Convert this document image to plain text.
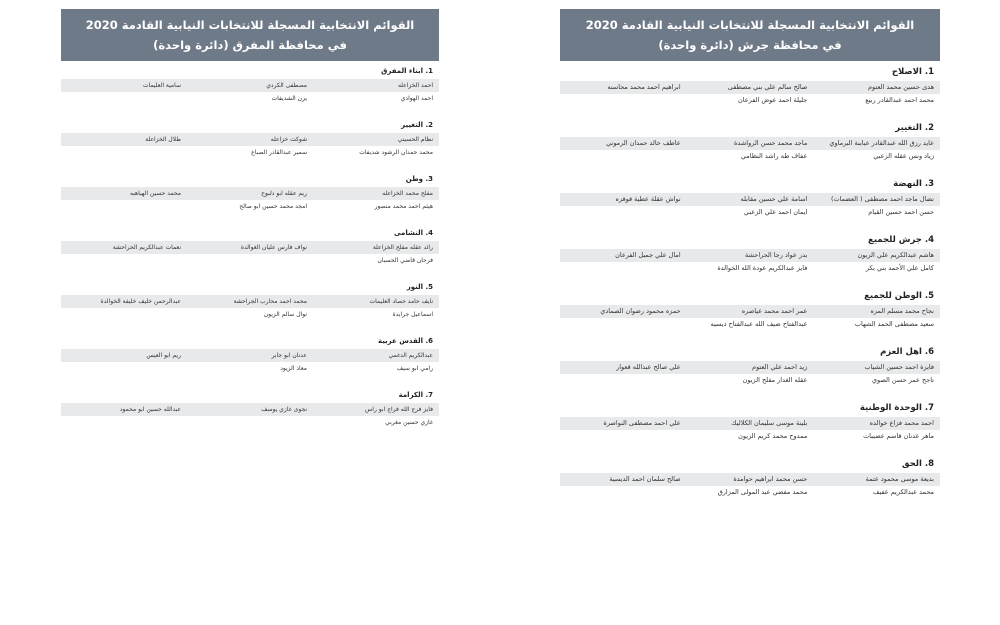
القوائم الانتخابية المسجلة للانتخابات النيابية القادمة 2020
في محافظة جرش (دائرة واحدة)
1. الاصلاح
هدى حسين محمد العتوم
صالح سالم علي بني مصطفى
ابراهيم احمد محمد محاسنه
محمد احمد عبدالقادر ربيع
جليلة احمد عوض الفرعان
2. التغيير
عايد رزق الله عبدالقادر عبابنة البرماوي
ماجد محمد حسن الرواشدة
عاطف خالد حمدان الرموني
زياد ونس عقله الزعبي
عفاف طه راشد النظامي
3. النهضة
نضال ماجد احمد مصطفى ( العضمات)
اسامة علي حسين مقابله
نواش عقلة عطية قوقزه
حسن احمد حسين القيام
ايمان احمد علي الزعبي
4. جرش للجميع
هاشم عبدالكريم علي الزيون
بدر عواد رجا الحراحشة
امال علي جميل الفرعان
كامل علي الأحمد بني بكر
فايز عبدالكريم عودة الله الخوالدة
5. الوطن للجميع
نجاح محمد مسلم المزه
عمر احمد محمد عياصره
حمزه محمود رضوان الصمادي
سعيد مصطفى الحمد الشهاب
عبدالفتاح ضيف الله عبدالفتاح ديسيه
6. اهل العزم
فايزة احمد حسين الشياب
زيد احمد علي العتوم
علي صالح عبدالله قعوار
تاجح عمر حسن الصوي
عقله الغدار مفلح الزيون
7. الوحدة الوطنية
احمد محمد فزاع خوالده
بلينة موسى سليمان الكلاليك
علي احمد مصطفى النواصرة
ماهر عدنان قاسم عضيبات
ممدوح محمد كريم الزيون
8. الحق
بديعة موسى محمود عتمة
حسن محمد ابراهيم حوامدة
صالح سلمان احمد الديسية
محمد عبدالكريم عفيف
محمد مفضي عبد المولى المزارق
القوائم الانتخابية المسجلة للانتخابات النيابية القادمة 2020
في محافظة المفرق (دائرة واحدة)
1. ابناء المفرق
احمد الخزاعله
مصطفى الكردي
سامية العليمات
احمد الهوادي
يزن الشديفات
2. التغيير
نظام الحسيني
شوكت خزاعله
طلال الخزاعلة
محمد حمدان الرشود شديفات
سمير عبدالقادر الصباغ
3. وطن
مفلح محمد الخزاعله
ريم عقله ابو دلبوح
محمد حسين الهباهبه
هيثم احمد محمد منصور
امجد محمد حسين ابو صالح
4. النشامى
رائد عقله مفلح الخزاعلة
نواف فارس عليان الغوالدة
نعمات عبدالكريم الحراحشة
فرحان قاضي الحسبان
5. النور
نايف حامد حصاد العليمات
محمد احمد محارب الجراحشة
عبدالرحمن خليف خليفة الخوالدة
اسماعيل جرايدة
نوال سالم الزيون
6. القدس عربية
عبدالكريم الدغمي
عدنان ابو جابر
ريم ابو العيس
رامي ابو سيف
معاذ الزيود
7. الكرامة
فايز فرج الله فراج ابو راس
نجوى غازي يوسف
عبدالله حسين ابو محمود
غازي حسين مغربي
